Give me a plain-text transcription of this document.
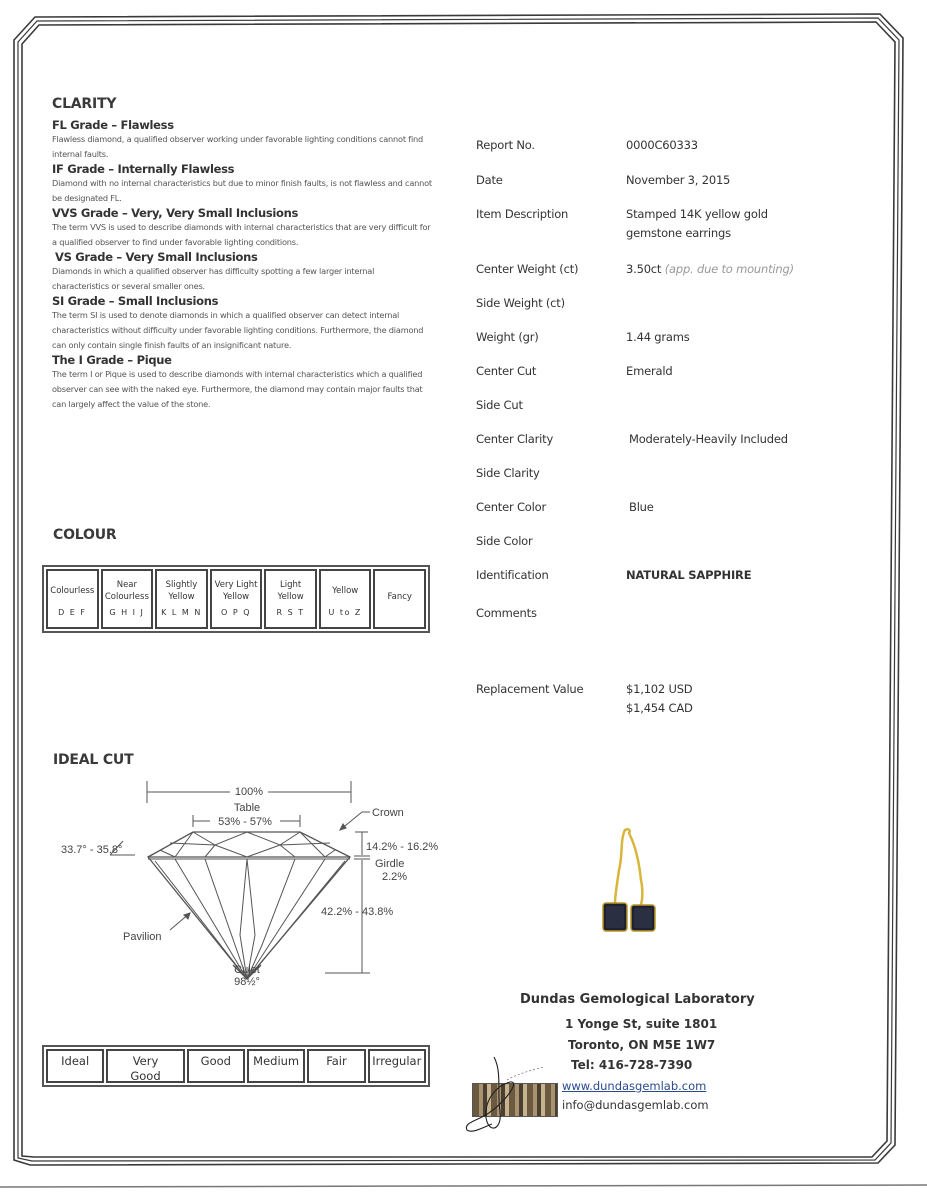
CLARITY
FL Grade – Flawless
Flawless diamond, a qualified observer working under favorable lighting conditions cannot find internal faults.
IF Grade – Internally Flawless
Diamond with no internal characteristics but due to minor finish faults, is not flawless and cannot be designated FL.
VVS Grade – Very, Very Small Inclusions
The term VVS is used to describe diamonds with internal characteristics that are very difficult for a qualified observer to find under favorable lighting conditions.
VS Grade – Very Small Inclusions
Diamonds in which a qualified observer has difficulty spotting a few larger internal characteristics or several smaller ones.
SI Grade – Small Inclusions
The term SI is used to denote diamonds in which a qualified observer can detect internal characteristics without difficulty under favorable lighting conditions. Furthermore, the diamond can only contain single finish faults of an insignificant nature.
The I Grade – Pique
The term I or Pique is used to describe diamonds with internal characteristics which a qualified observer can see with the naked eye. Furthermore, the diamond may contain major faults that can largely affect the value of the stone.
COLOUR
Colourless
D E F
Near Colourless
G H I J
Slightly Yellow
K L M N
Very Light Yellow
O P Q
Light Yellow
R S T
Yellow
U to Z
Fancy
IDEAL CUT
100%
Table
53% - 57%
Crown
33.7° - 35.8°	14.2% - 16.2%
Girdle
2.2%
42.2% - 43.8%
Pavilion
Culet
98½°
Ideal	Very Good
Good	Medium	Fair	Irregular
Report No.	0000C60333
Date	November 3, 2015
Item Description	Stamped 14K yellow gold
gemstone earrings
Center Weight (ct)	3.50ct (app. due to mounting)
Side Weight (ct)
Weight (gr)	1.44 grams
Center Cut	Emerald
Side Cut
Center Clarity	Moderately-Heavily Included
Side Clarity
Center Color	Blue
Side Color
Identification	NATURAL SAPPHIRE
Comments
Replacement Value	$1,102 USD
$1,454 CAD
Dundas Gemological Laboratory
1 Yonge St, suite 1801
Toronto, ON M5E 1W7
Tel: 416-728-7390
www.dundasgemlab.com
info@dundasgemlab.com
